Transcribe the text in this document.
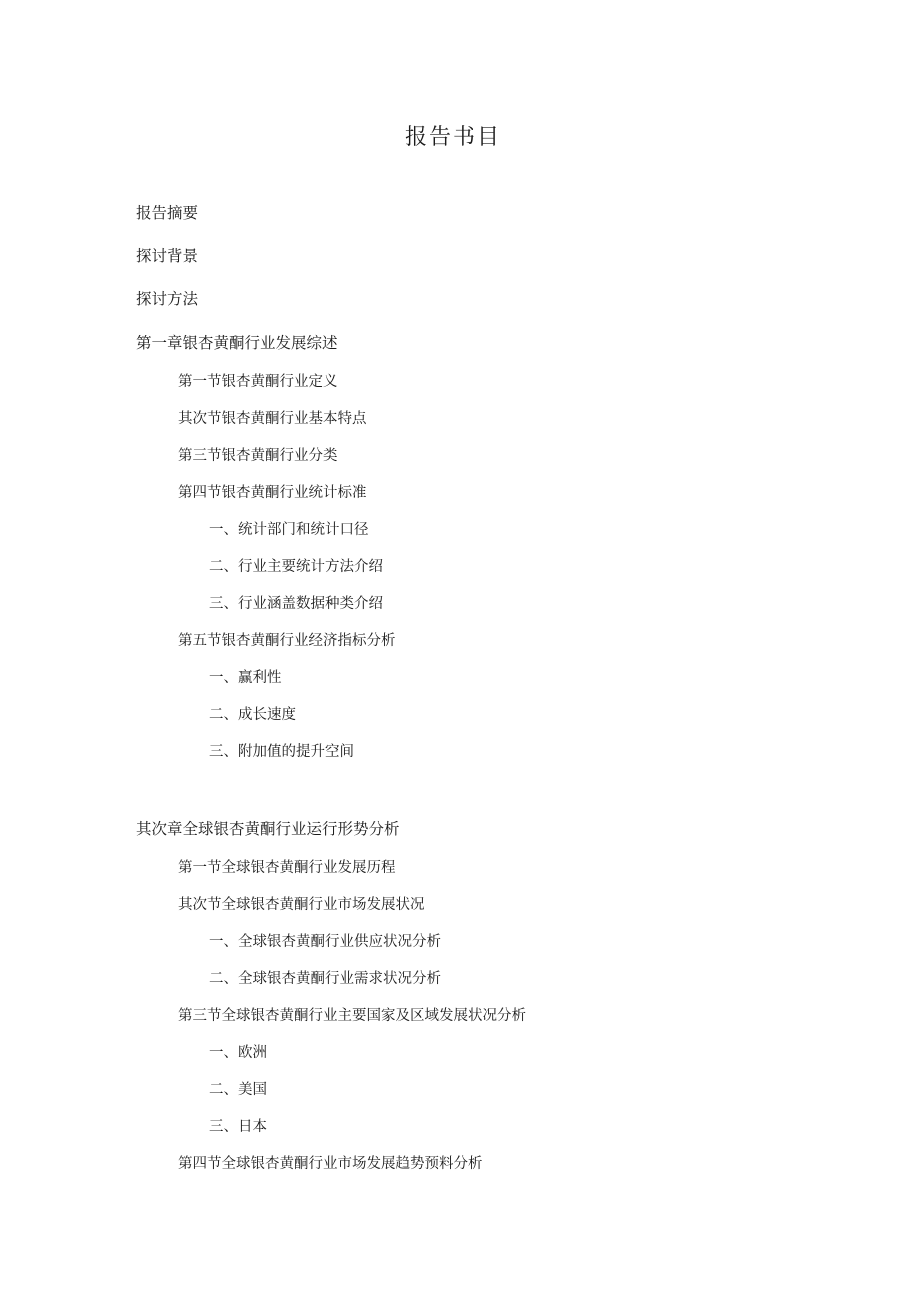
报告书目
报告摘要
探讨背景
探讨方法
第一章银杏黄酮行业发展综述
第一节银杏黄酮行业定义
其次节银杏黄酮行业基本特点
第三节银杏黄酮行业分类
第四节银杏黄酮行业统计标准
一、统计部门和统计口径
二、行业主要统计方法介绍
三、行业涵盖数据种类介绍
第五节银杏黄酮行业经济指标分析
一、赢利性
二、成长速度
三、附加值的提升空间
其次章全球银杏黄酮行业运行形势分析
第一节全球银杏黄酮行业发展历程
其次节全球银杏黄酮行业市场发展状况
一、全球银杏黄酮行业供应状况分析
二、全球银杏黄酮行业需求状况分析
第三节全球银杏黄酮行业主要国家及区域发展状况分析
一、欧洲
二、美国
三、日本
第四节全球银杏黄酮行业市场发展趋势预料分析
